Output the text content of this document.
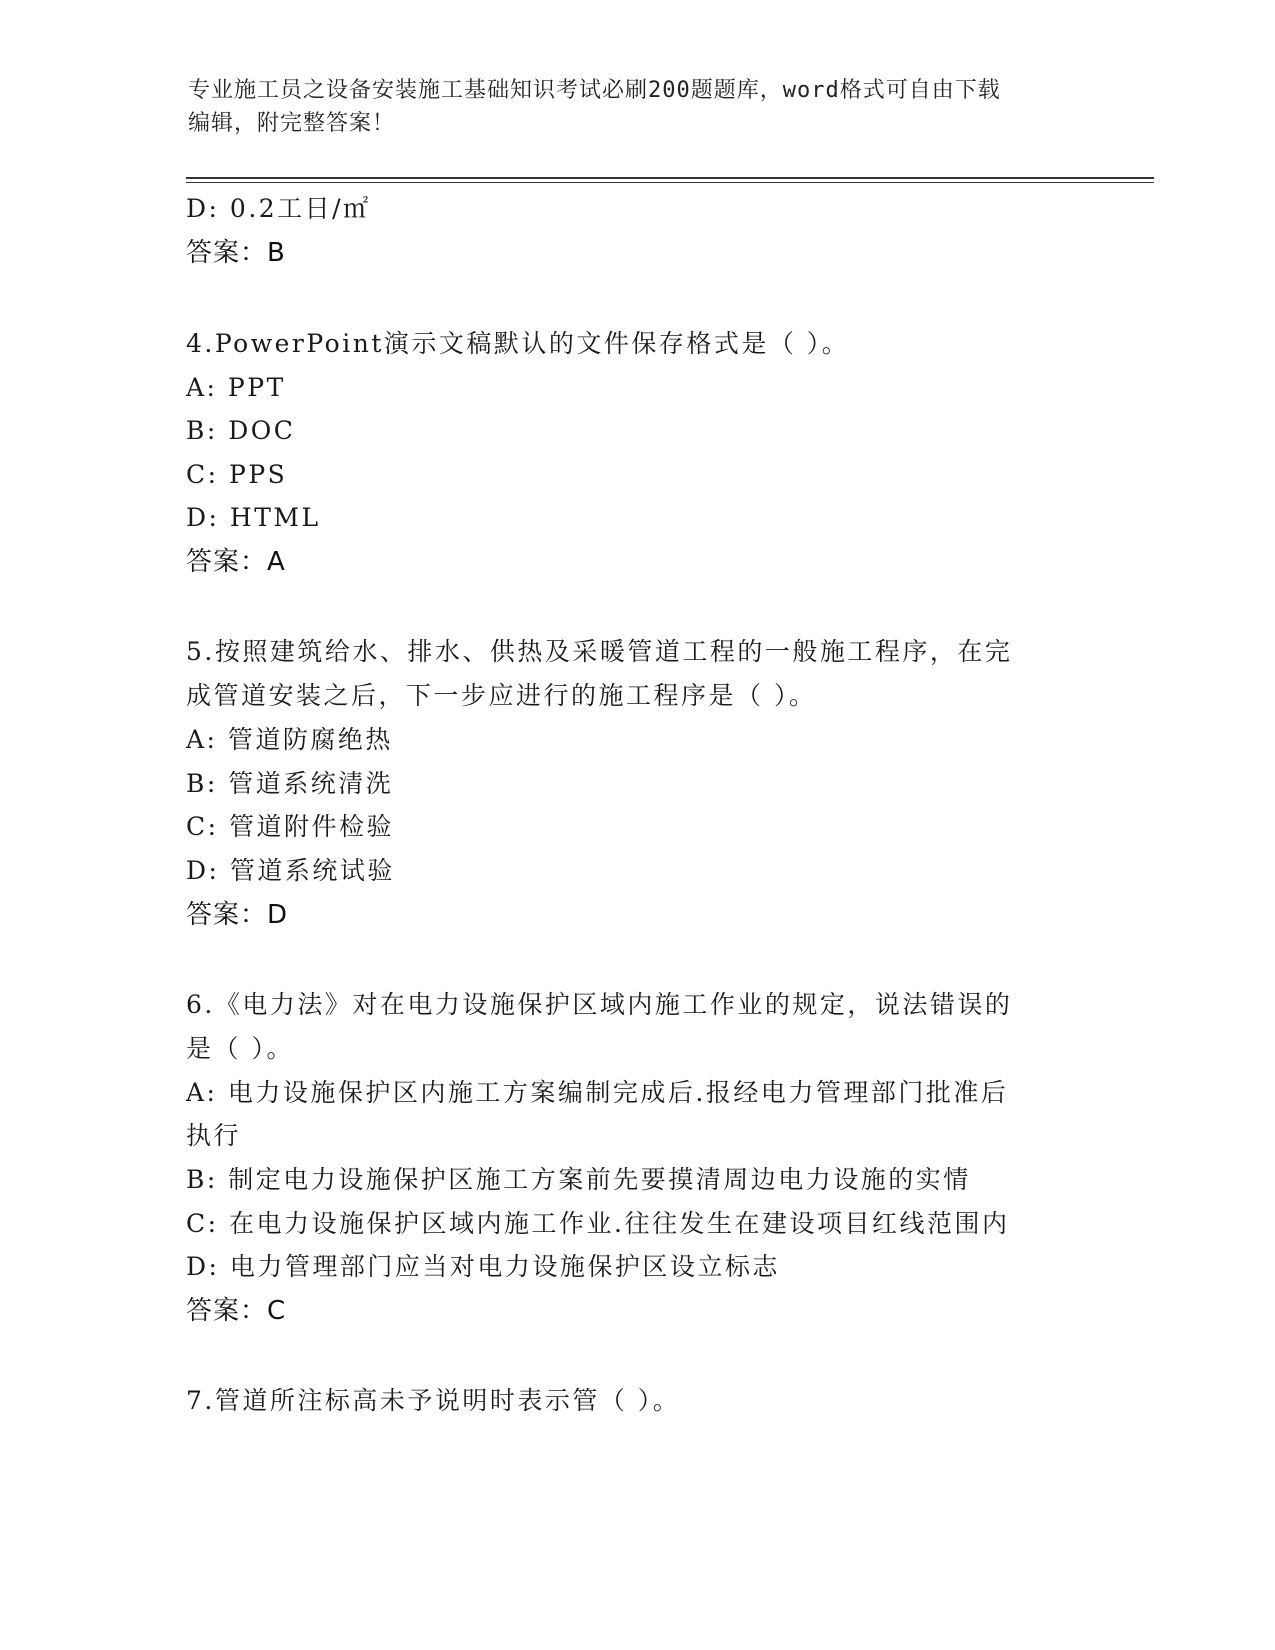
专业施工员之设备安装施工基础知识考试必刷200题题库，word格式可自由下载
编辑，附完整答案！
D: 0.2工日/㎡
答案：B
4.PowerPoint演示文稿默认的文件保存格式是（ ）。
A: PPT
B: DOC
C: PPS
D: HTML
答案：A
5.按照建筑给水、排水、供热及采暖管道工程的一般施工程序，在完
成管道安装之后，下一步应进行的施工程序是（ ）。
A: 管道防腐绝热
B: 管道系统清洗
C: 管道附件检验
D: 管道系统试验
答案：D
6.《电力法》对在电力设施保护区域内施工作业的规定，说法错误的
是（ ）。
A: 电力设施保护区内施工方案编制完成后.报经电力管理部门批准后
执行
B: 制定电力设施保护区施工方案前先要摸清周边电力设施的实情
C: 在电力设施保护区域内施工作业.往往发生在建设项目红线范围内
D: 电力管理部门应当对电力设施保护区设立标志
答案：C
7.管道所注标高未予说明时表示管（ ）。
